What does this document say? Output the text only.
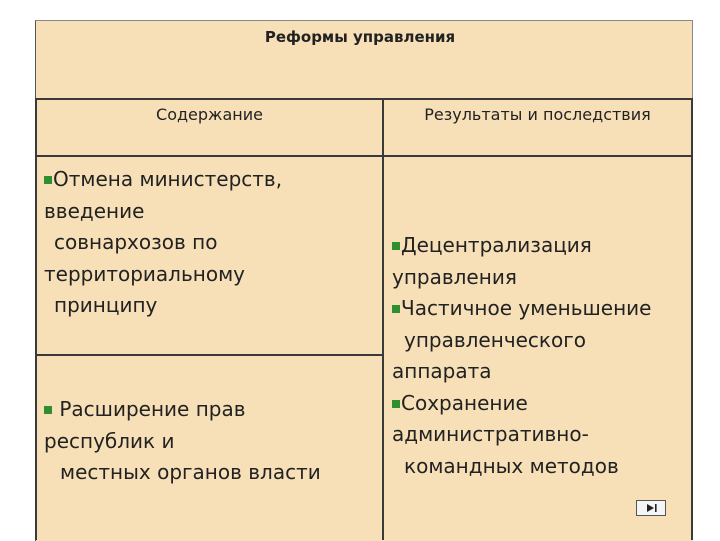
Реформы управления
Содержание	Результаты и последствия
Отмена министерств,
введение
совнархозов по
территориальному
принципу
Расширение прав
республик и
местных органов власти
Децентрализация
управления
Частичное уменьшение
управленческого
аппарата
Сохранение
административно-
командных методов
